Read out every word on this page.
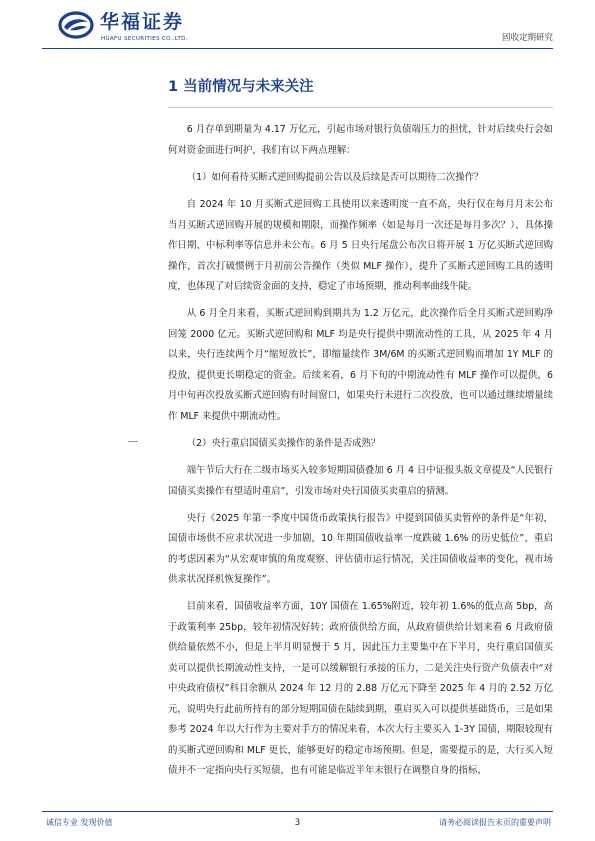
华福证券
HUAFU SECURITIES CO.,LTD.	固收定期研究
1 当前情况与未来关注

6 月存单到期量为 4.17 万亿元，引起市场对银行负债端压力的担忧，针对后续央行会如何对资金面进行呵护，我们有以下两点理解：

（1）如何看待买断式逆回购提前公告以及后续是否可以期待二次操作？

自 2024 年 10 月买断式逆回购工具使用以来透明度一直不高，央行仅在每月月末公布当月买断式逆回购开展的规模和期限，而操作频率（如是每月一次还是每月多次？）、具体操作日期、中标利率等信息并未公布。6 月 5 日央行尾盘公布次日将开展 1 万亿买断式逆回购操作，首次打破惯例于月初前公告操作（类似 MLF 操作），提升了买断式逆回购工具的透明度，也体现了对后续资金面的支持，稳定了市场预期，推动利率曲线牛陡。

从 6 月全月来看，买断式逆回购到期共为 1.2 万亿元，此次操作后全月买断式逆回购净回笼 2000 亿元。买断式逆回购和 MLF 均是央行提供中期流动性的工具，从 2025 年 4 月以来，央行连续两个月“缩短放长”，即缩量续作 3M/6M 的买断式逆回购而增加 1Y MLF 的投放，提供更长期稳定的资金。后续来看，6 月下旬的中期流动性有 MLF 操作可以提供，6 月中旬再次投放买断式逆回购有时间窗口，如果央行未进行二次投放，也可以通过继续增量续作 MLF 来提供中期流动性。

（2）央行重启国债买卖操作的条件是否成熟？

端午节后大行在二级市场买入较多短期国债叠加 6 月 4 日中证报头版文章提及“人民银行国债买卖操作有望适时重启”，引发市场对央行国债买卖重启的猜测。

央行《2025 年第一季度中国货币政策执行报告》中提到国债买卖暂停的条件是“年初，国债市场供不应求状况进一步加剧，10 年期国债收益率一度跌破 1.6% 的历史低位”，重启的考虑因素为“从宏观审慎的角度观察、评估债市运行情况，关注国债收益率的变化，视市场供求状况择机恢复操作”。

目前来看，国债收益率方面，10Y 国债在 1.65%附近，较年初 1.6%的低点高 5bp，高于政策利率 25bp，较年初情况好转；政府债供给方面，从政府债供给计划来看 6 月政府债供给量依然不小，但是上半月明显慢于 5 月，因此压力主要集中在下半月，央行重启国债买卖可以提供长期流动性支持，一是可以缓解银行承接的压力，二是关注央行资产负债表中“对中央政府债权”科目余额从 2024 年 12 月的 2.88 万亿元下降至 2025 年 4 月的 2.52 万亿元，说明央行此前所持有的部分短期国债在陆续到期，重启买入可以提供基础货币，三是如果参考 2024 年以大行作为主要对手方的情况来看，本次大行主要买入 1-3Y 国债，期限较现有的买断式逆回购和 MLF 更长，能够更好的稳定市场预期。但是，需要提示的是，大行买入短债并不一定指向央行买短债，也有可能是临近半年末银行在调整自身的指标，

诚信专业 发现价值	3	请务必阅读报告末页的重要声明
